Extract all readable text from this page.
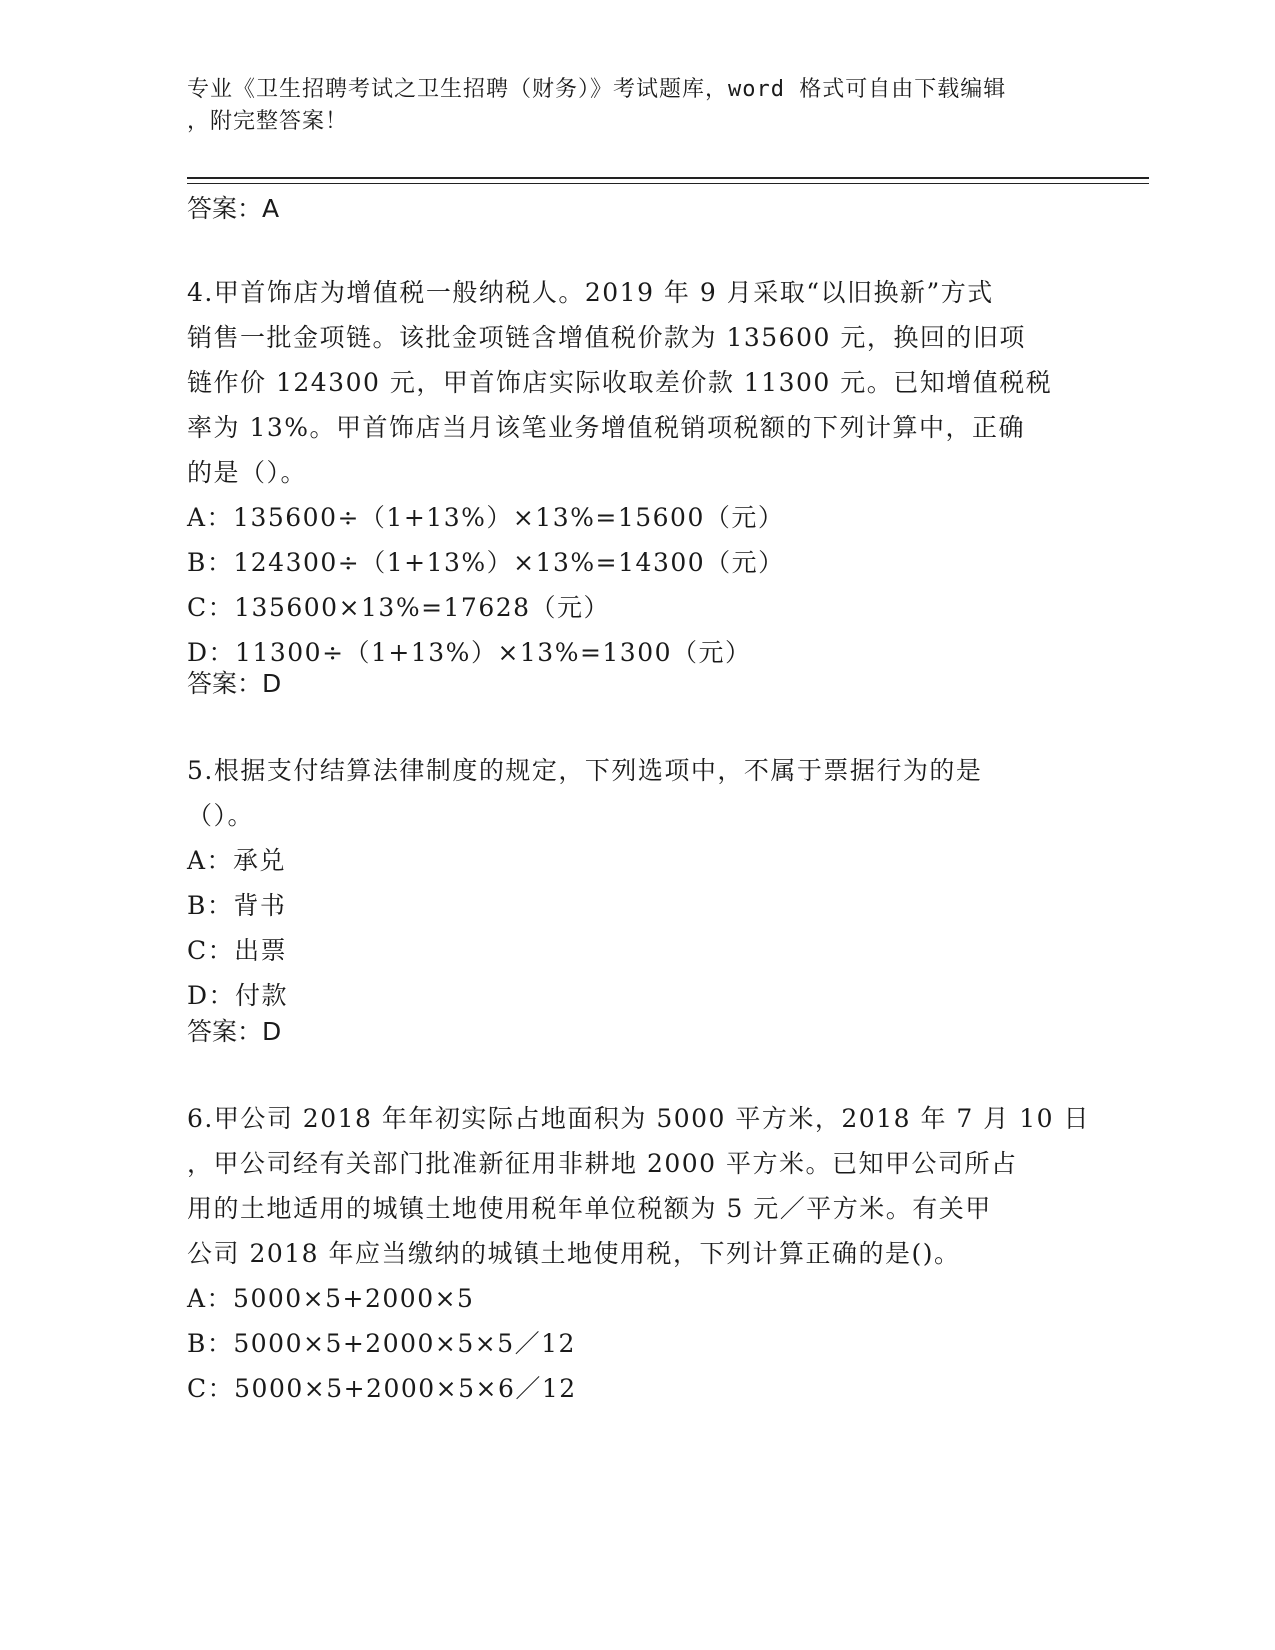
专业《卫生招聘考试之卫生招聘（财务）》考试题库，word 格式可自由下载编辑
，附完整答案！
答案：A
4.甲首饰店为增值税一般纳税人。2019 年 9 月采取“以旧换新”方式
销售一批金项链。该批金项链含增值税价款为 135600 元，换回的旧项
链作价 124300 元，甲首饰店实际收取差价款 11300 元。已知增值税税
率为 13%。甲首饰店当月该笔业务增值税销项税额的下列计算中，正确
的是（）。
A：135600÷（1+13%）×13%=15600（元）
B：124300÷（1+13%）×13%=14300（元）
C：135600×13%=17628（元）
D：11300÷（1+13%）×13%=1300（元）
答案：D
5.根据支付结算法律制度的规定，下列选项中，不属于票据行为的是
（）。
A：承兑
B：背书
C：出票
D：付款
答案：D
6.甲公司 2018 年年初实际占地面积为 5000 平方米，2018 年 7 月 10 日
，甲公司经有关部门批准新征用非耕地 2000 平方米。已知甲公司所占
用的土地适用的城镇土地使用税年单位税额为 5 元／平方米。有关甲
公司 2018 年应当缴纳的城镇土地使用税，下列计算正确的是()。
A：5000×5+2000×5
B：5000×5+2000×5×5／12
C：5000×5+2000×5×6／12
